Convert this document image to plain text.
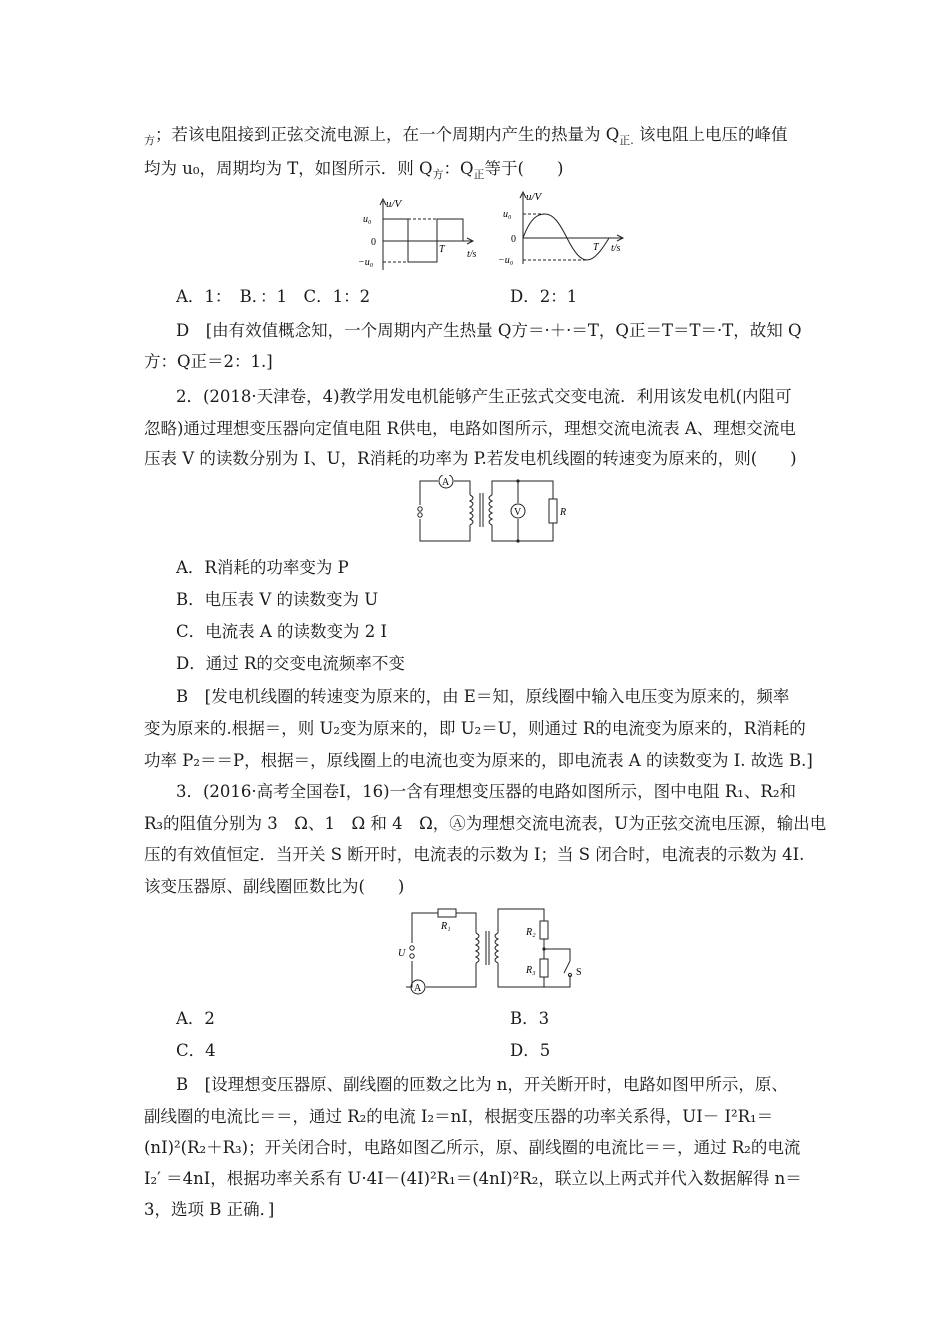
$_方$；若该电阻接到正弦交流电源上，在一个周期内产生的热量为 $Q_{正.}$ 该电阻上电压的峰值
均为 u₀，周期均为 T，如图所示．则 $Q_方$：$Q_正$等于(　　)
u/V
u₀
0
−u₀
T t/s
u/V
u₀
0
−u₀
T t/s
A．1：　B．：1　C．1：2	D．2：1
D　[由有效值概念知，一个周期内产生热量 Q方＝·＋·＝T，Q正＝T＝T＝·T，故知 Q
方：Q正＝2：1.]
2．(2018·天津卷，4)教学用发电机能够产生正弦式交变电流．利用该发电机(内阻可
忽略)通过理想变压器向定值电阻 R供电，电路如图所示，理想交流电流表 A、理想交流电
压表 V 的读数分别为 I、U，R消耗的功率为 P.若发电机线圈的转速变为原来的，则(　　)
A
V	R
A．R消耗的功率变为 P
B．电压表 V 的读数变为 U
C．电流表 A 的读数变为 2 I
D．通过 R的交变电流频率不变
B　[发电机线圈的转速变为原来的，由 E＝知，原线圈中输入电压变为原来的，频率
变为原来的.根据＝，则 U₂变为原来的，即 U₂＝U，则通过 R的电流变为原来的，R消耗的
功率 P₂＝＝P，根据＝，原线圈上的电流也变为原来的，即电流表 A 的读数变为 I. 故选 B.]
3．(2016·高考全国卷Ⅰ，16)一含有理想变压器的电路如图所示，图中电阻 R₁、R₂和
R₃的阻值分别为 3　Ω、1　Ω 和 4　Ω，Ⓐ为理想交流电流表，U为正弦交流电压源，输出电
压的有效值恒定．当开关 S 断开时，电流表的示数为 I；当 S 闭合时，电流表的示数为 4I.
该变压器原、副线圈匝数比为(　　)
R₁
R₂
R₃
U
A
S
A．2	B．3
C．4	D．5
B　[设理想变压器原、副线圈的匝数之比为 n，开关断开时，电路如图甲所示，原、
副线圈的电流比＝＝，通过 R₂的电流 I₂＝nI，根据变压器的功率关系得，UI－ I²R₁＝
(nI)²(R₂＋R₃)；开关闭合时，电路如图乙所示，原、副线圈的电流比＝＝，通过 R₂的电流
I₂′ ＝4nI，根据功率关系有 U·4I－(4I)²R₁＝(4nI)²R₂，联立以上两式并代入数据解得 n＝
3，选项 B 正确．]
